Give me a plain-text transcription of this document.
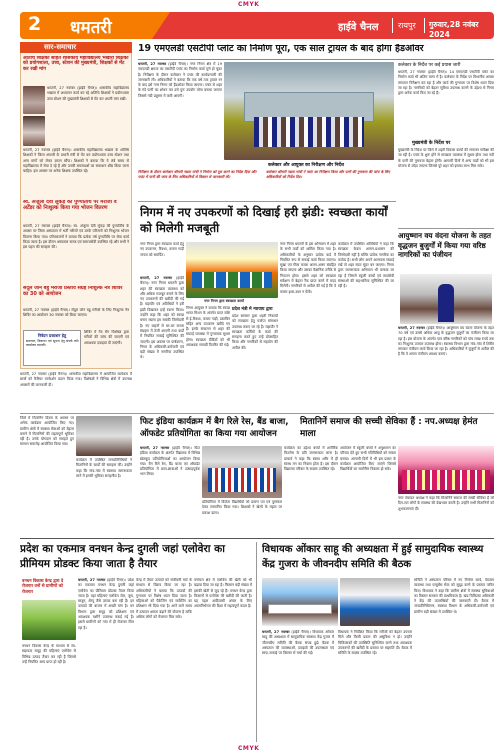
CMYK
2 धमतरी	हाईवे चैनल रायपुर गुरुवार,28 नवंबर 2024
सार-समाचार
अतिथि शिक्षकों सहित शासकीय महाविद्यालय भखारा शिक्षकों को प्रयोगशाला, उच्च, स्टेशन की मुख्यमंत्री, शिक्षकों से मेंट कर रखी मांग
धमतरी, 27 नवम्बर (हाईवे चैनल)। शासकीय महाविद्यालय भखारा में अध्यापन कार्य कर रहे अतिथि शिक्षकों ने प्रयोगशाला उच्च स्टेशन की मुख्यमंत्री शिक्षकों से मेंट कर अपनी मांग रखी।
धमतरी, 27 नवम्बर (हाईवे चैनल)। शासकीय महाविद्यालय भखारा के अतिथि शिक्षकों ने जिला धमतरी के प्रभारी मंत्री से मेंट कर प्रयोगशाला उच्च स्टेशन तथा अन्य मांगों को लेकर ज्ञापन सौंपा। शिक्षकों ने बताया कि वे लंबे समय से महाविद्यालय में सेवा दे रहे हैं और उनकी समस्याओं का समाधान शीघ्र किया जाना चाहिए। इस अवसर पर अनेक शिक्षक उपस्थित रहे।
स्व. अंजुला देवी लुंकड़ की पुण्यतिथि पर मरीजों व अर्टेंडर को निःशुल्क किया गया भोजन वितरण
धमतरी, 27 नवम्बर (हाईवे चैनल)। स्व. अंजुला देवी लुंकड़ की पुण्यतिथि के अवसर पर जिला अस्पताल में भर्ती मरीजों एवं उनके परिजनों को निःशुल्क भोजन वितरण किया गया। परिवारजनों ने बताया कि प्रत्येक वर्ष पुण्यतिथि पर सेवा कार्य किया जाता है। इस दौरान अस्पताल स्टाफ एवं समाजसेवी उपस्थित रहे और सभी ने इस पहल की सराहना की।
सेंदूल जोन बहु मरीजों प्रस्ताव संग्रह निःशुल्क नेत्र शिविर का 30 को आयोजन
धमतरी, 27 नवम्बर (हाईवे चैनल)। सेंदूल जोन बहु मरीजों के लिए निःशुल्क नेत्र शिविर का आयोजन 30 नवम्बर को किया जाएगा।
निवेदन प्रकाशन हेतु
समाचार, विज्ञापन एवं सूचना हेतु संपर्क करें। कार्यालय धमतरी।
शिविर में नेत्र रोग विशेषज्ञ द्वारा मरीजों की जांच की जाएगी एवं आवश्यक दवाइयां दी जाएंगी।
19 एमएलडी एसटीपी प्लांट का निर्माण पूरा, एक साल ट्रायल के बाद होगा हैंडओवर
धमतरी, 27 नवम्बर (हाईवे चैनल)। नगर निगम क्षेत्र में 19 एमएलडी क्षमता का एसटीपी प्लांट का निर्माण कार्य पूर्ण हो चुका है। निरीक्षण के दौरान कलेक्टर ने प्लांट की कार्यप्रणाली की जानकारी ली। अधिकारियों ने बताया कि एक वर्ष तक ट्रायल रन के बाद इसे नगर निगम को हैंडओवर किया जाएगा। प्लांट से शहर के गंदे पानी का शोधन कर उसे पुनः उपयोग योग्य बनाया जाएगा जिससे नदी प्रदूषण में कमी आएगी।
कलेक्टर और आयुक्त का निरीक्षण और निर्देश
निरीक्षण के दौरान कलेक्टर श्रीमती नम्रता गांधी ने निर्माण को पूरा करने का निर्देश दिया और प्लांट में पानी की जांच के लिए अधिकारियों से विस्तार से जानकारी ली।
कलेक्टर श्रीमती नम्रता गांधी ने प्लांट का निरीक्षण किया और पानी की गुणवत्ता की जांच के लिए अधिकारियों को निर्देश दिए।
कलेक्टर के निर्देश पर कई प्रयास जारी
धमतरी, 27 नवम्बर (हाईवे चैनल)। 14 एमएलडी एसटीपी प्लांट का निर्माण कार्य भी अंतिम चरण में है। कलेक्टर के निर्देश पर विभागीय अमला लगातार निरीक्षण कर रहा है और कार्य की गुणवत्ता पर विशेष ध्यान दिया जा रहा है। नागरिकों को बेहतर सुविधा उपलब्ध कराने के उद्देश्य से निगम द्वारा अनेक कार्य किए जा रहे हैं।
मुख्यमंत्री के निर्देश पर
मुख्यमंत्री के निर्देश पर जिले में शहरी विकास कार्यों की लगातार समीक्षा की जा रही है। प्लांट के शुरू होने से स्वच्छता व्यवस्था में सुधार होगा तथा नदी के पानी की गुणवत्ता बेहतर होगी। आगामी दिनों में अन्य वार्डों को भी इस योजना से जोड़ा जाएगा जिससे पूरे शहर को इसका लाभ मिल सके।
निगम में नए उपकरणों को दिखाई हरी झंडी: स्वच्छता कार्यों को मिलेगी मजबूती
नगर निगम द्वारा स्वच्छता कार्य हेतु नए उपकरण, रिक्शा, कचरा गाड़ी जनता को समर्पित।
नगर निगम द्वारा स्वच्छता कार्यों
धमतरी, 27 नवम्बर (हाईवे चैनल)। नगर निगम धमतरी द्वारा शहर की स्वच्छता व्यवस्था को और अधिक मजबूत बनाने के लिए नए उपकरणों की खरीदी की गई है। महापौर एवं अतिथियों ने हरी झंडी दिखाकर इन्हें रवाना किया। उन्होंने कहा कि शहर को स्वच्छ बनाए रखना हम सबकी जिम्मेदारी है। नए वाहनों से घर-घर कचरा संग्रहण में तेजी आएगी तथा वार्डों में नियमित सफाई सुनिश्चित की जाएगी। इस अवसर पर पार्षदगण, निगम के अधिकारी-कर्मचारी एवं बड़ी संख्या में नागरिक उपस्थित थे।
निगम आयुक्त ने बताया कि स्वच्छ भारत मिशन के अंतर्गत प्राप्त राशि से ई-रिक्शा, कचरा गाड़ी, डस्टबिन सहित अन्य उपकरण खरीदे गए हैं। इनके संचालन से शहर की सफाई व्यवस्था में गुणात्मक सुधार होगा। स्वच्छता दीदियों को भी आवश्यक सामग्री वितरित की गई।
प्रदेश मंत्री मे न्यायाय द्वारा
प्रदेश सरकार द्वारा शहरी निकायों को स्वच्छता हेतु पर्याप्त संसाधन उपलब्ध कराए जा रहे हैं। महापौर ने स्वच्छता कर्मियों के कार्य की सराहना करते हुए उन्हें प्रोत्साहित किया और नागरिकों से सहयोग की अपील की।
नगर निगम धमतरी के इस अभियान में शहर के सभी वार्डों को शामिल किया गया है। अधिकारियों के अनुसार प्रत्येक वार्ड में नियमित रूप से सफाई कार्य किया जाएगा। सूखा एवं गीला कचरा अलग-अलग संग्रहित किया जाएगा और उसका वैज्ञानिक तरीके से निपटान होगा। इससे शहर को स्वच्छता सर्वेक्षण में बेहतर रैंक प्राप्त करने में मदद मिलेगी। नागरिकों से अपील की गई है कि वे कचरा इधर-उधर न फेंकें।
कार्यक्रम में उपस्थित अतिथियों ने कहा कि स्वच्छता केवल शासन-प्रशासन की जिम्मेदारी नहीं है बल्कि प्रत्येक नागरिक का कर्तव्य है। सभी लोग अपने आसपास सफाई रखें तो शहर स्वतः सुंदर बन जाएगा। निगम द्वारा जागरूकता अभियान भी चलाया जा रहा है जिसमें स्कूली बच्चों एवं स्वयंसेवी संस्थाओं की सहभागिता सुनिश्चित की जा रही है।
आयुष्मान वय वंदना योजना के तहत वृद्धजन बुजुर्गों में किया गया वरिष्ठ नागरिकों का पंजीयन
धमतरी, 27 नवम्बर (हाईवे चैनल)। आयुष्मान वय वंदना योजना के तहत 70 वर्ष एवं उससे अधिक आयु के वृद्धजन बुजुर्गों का पंजीयन किया जा रहा है। इस योजना के अंतर्गत पात्र वरिष्ठ नागरिकों को पांच लाख रुपये तक का निःशुल्क उपचार उपलब्ध होगा। स्वास्थ्य विभाग द्वारा गांव-गांव में शिविर लगाकर पंजीयन कार्य किया जा रहा है। अधिकारियों ने बुजुर्गों से अपील की है कि वे अपना पंजीयन अवश्य कराएं।
फिट इंडिया कार्यक्रम में बैग रिले रेस, बैंड बाजा,
ऑफडेट प्रतियोगिता का किया गया आयोजन
धमतरी, 27 नवम्बर (हाईवे चैनल)। फिट इंडिया कार्यक्रम के अंतर्गत विद्यालय में विभिन्न खेलकूद प्रतियोगिताओं का आयोजन किया गया। बैग रिले रेस, बैंड बाजा एवं ऑफडेट प्रतियोगिता में छात्र-छात्राओं ने उत्साहपूर्वक भाग लिया।
प्रतियोगिता में विजेता विद्यार्थियों को प्रमाण पत्र एवं पुरस्कार देकर सम्मानित किया गया। शिक्षकों ने खेलों के महत्व पर प्रकाश डाला।
कार्यक्रम का उद्देश्य बच्चों में शारीरिक फिटनेस के प्रति जागरूकता लाना है। प्राचार्य ने कहा कि स्वस्थ शरीर में ही स्वस्थ मन का निवास होता है। इस दौरान विद्यालय परिवार के सदस्य उपस्थित रहे।
आयोजन में स्कूली बच्चों ने अनुशासन का परिचय देते हुए सभी गतिविधियों को सफल बनाया। आगामी दिनों में भी इस प्रकार के कार्यक्रम आयोजित किए जाएंगे जिससे विद्यार्थियों का सर्वांगीण विकास हो सके।
धमतरी, 27 नवम्बर (हाईवे चैनल)। शासकीय महाविद्यालय में आयोजित कार्यक्रम में छात्रों को कैरियर मार्गदर्शन प्रदान किया गया। विशेषज्ञों ने विभिन्न क्षेत्रों में उपलब्ध अवसरों की जानकारी दी।
जिले में मितानिन दिवस के अवसर पर अनेक कार्यक्रम आयोजित किए गए। ग्रामीण क्षेत्रों में स्वास्थ्य सेवाओं को बेहतर बनाने में मितानिनों की महत्वपूर्ण भूमिका रही है। उनके योगदान को सराहते हुए सम्मान समारोह आयोजित किया गया।
कार्यक्रम में उपस्थित जनप्रतिनिधियों ने मितानिनों के कार्यों की सराहना की। उन्होंने कहा कि गांव-गांव में स्वास्थ्य जागरूकता लाने में इनकी भूमिका सराहनीय है।
मितानिनें समाज की सच्ची सेविका हैं : नप.अध्यक्ष हेमंत माला
नगर पंचायत अध्यक्ष ने कहा कि मितानिनें समाज की सच्ची सेविका हैं जो दिन-रात लोगों के स्वास्थ्य की देखभाल करती हैं। उन्होंने सभी मितानिनों को शुभकामनाएं दीं।
प्रदेश का एकमात्र वनधन केन्द्र दुगली जहां एलोवेरा का प्रीमियम प्रोडक्ट किया जाता है तैयार
विधायक ओंकार साहू की अध्यक्षता में हुई सामुदायिक स्वास्थ्य केंद्र गुजरा के जीवनदीप समिति की बैठक
वनधन विकास केन्द्र द्वारा दे रोजगार वनों से ग्रामीणों को रोजगार
वनधन विकास केन्द्र के माध्यम से स्व-सहायता समूह की महिलाएं एलोवेरा से विभिन्न उत्पाद तैयार कर रही हैं जिससे उन्हें नियमित आय प्राप्त हो रही है।
धमतरी, 27 नवम्बर (हाईवे चैनल)। प्रदेश का एकमात्र वनधन केन्द्र दुगली जहां एलोवेरा का प्रीमियम प्रोडक्ट तैयार किया जाता है। यहां महिलाएं एलोवेरा जेल, जूस, साबुन, शैम्पू जैसे उत्पाद बना रही हैं। इन उत्पादों की बाजार में अच्छी मांग है। वन विभाग द्वारा समूह को प्रशिक्षण एवं आवश्यक मशीनें उपलब्ध कराई गई हैं। इससे ग्रामीणों को गांव में ही रोजगार मिल रहा है।
केन्द्र में तैयार उत्पादों को संजीवनी मार्ट के माध्यम से विक्रय किया जा रहा है। अधिकारियों ने बताया कि उत्पादों की गुणवत्ता पर विशेष ध्यान दिया जाता है। महिलाओं को पैकेजिंग एवं मार्केटिंग का प्रशिक्षण भी दिया गया है। आने वाले समय में उत्पादन क्षमता बढ़ाने की योजना है ताकि अधिक लोगों को रोजगार मिल सके।
वनांचल क्षेत्र में एलोवेरा की खेती को भी बढ़ावा दिया जा रहा है। किसान बड़ी संख्या में इसकी खेती से जुड़ रहे हैं। वनधन केन्द्र द्वारा किसानों से एलोवेरा की खरीदी की जाती है। यह पहल आदिवासी अंचल के लिए आत्मनिर्भरता की दिशा में महत्वपूर्ण कदम है।
धमतरी, 27 नवम्बर (हाईवे चैनल)। विधायक ओंकार साहू की अध्यक्षता में सामुदायिक स्वास्थ्य केंद्र गुजरा में जीवनदीप समिति की बैठक संपन्न हुई। बैठक में अस्पताल की व्यवस्थाओं, दवाइयों की उपलब्धता एवं साफ-सफाई पर विस्तार से चर्चा की गई।
विधायक ने निर्देशित किया कि मरीजों को बेहतर उपचार मिले और किसी प्रकार की असुविधा न हो। उन्होंने चिकित्सकों की उपस्थिति सुनिश्चित करने तथा आवश्यक उपकरणों की खरीदी के प्रस्ताव पर सहमति दी। बैठक में समिति के सदस्य उपस्थित रहे।
समिति ने अस्पताल परिसर में नए निर्माण कार्य, पेयजल व्यवस्था तथा एम्बुलेंस सेवा को सुदृढ़ करने के प्रस्ताव पारित किए। विधायक ने कहा कि ग्रामीण क्षेत्रों में स्वास्थ्य सुविधाओं का विस्तार सरकार की प्राथमिकता है। खंड चिकित्सा अधिकारी ने केंद्र की उपलब्धियों की जानकारी दी। बैठक में जनप्रतिनिधिगण, स्वास्थ्य विभाग के अधिकारी-कर्मचारी एवं ग्रामीण बड़ी संख्या में उपस्थित थे।
CMYK
